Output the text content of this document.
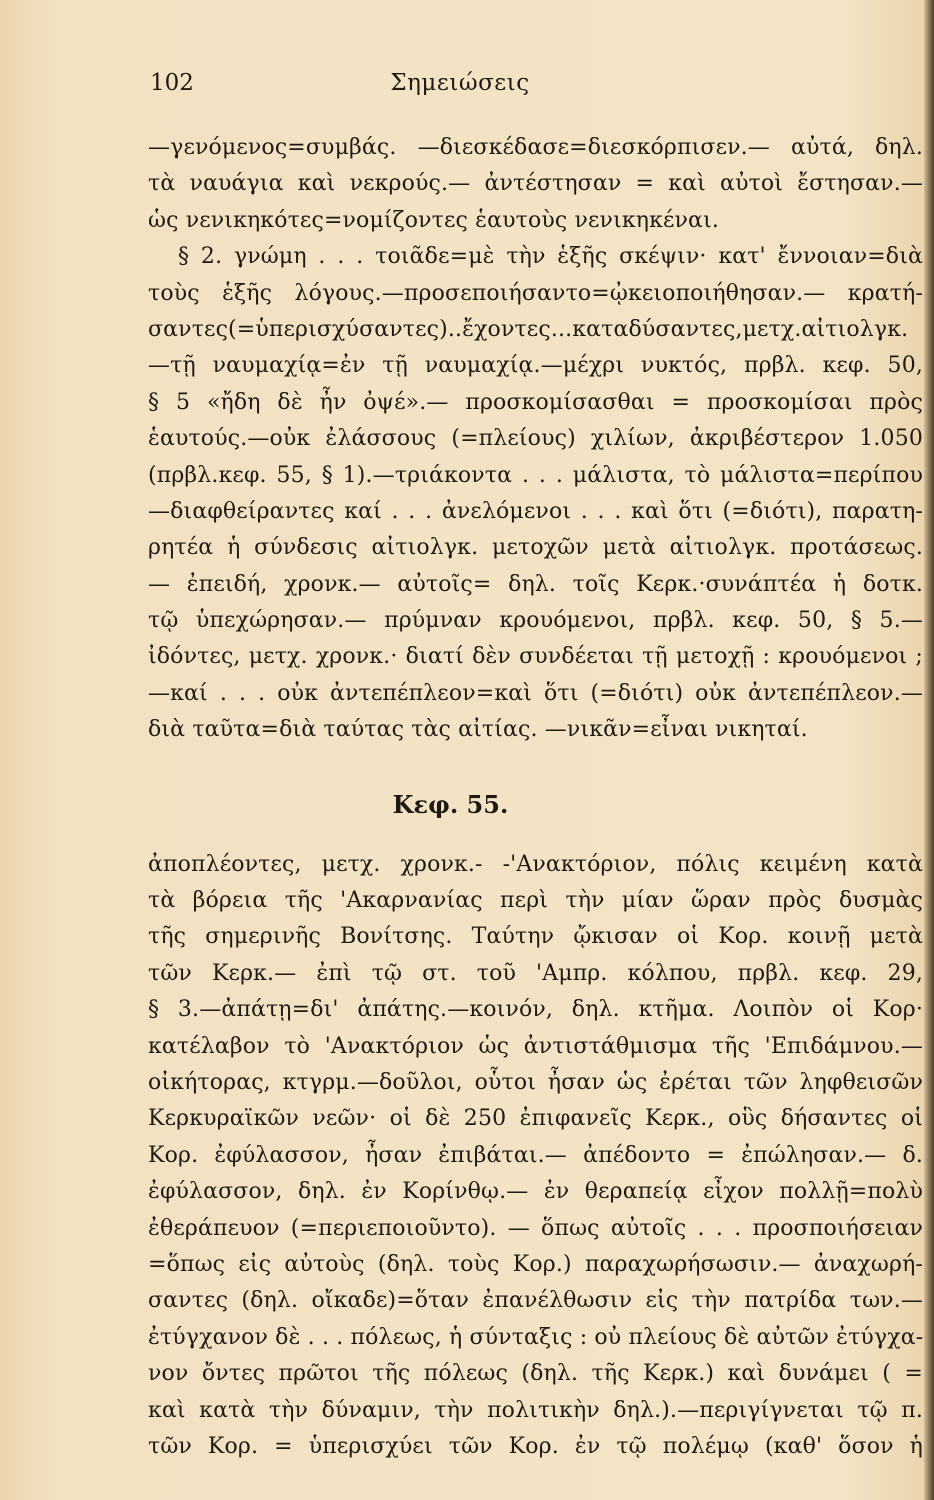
102	Σημειώσεις
—γενόμενος=συμβάς. —διεσκέδασε=διεσκόρπισεν.— αὐτά, δηλ.
τὰ ναυάγια καὶ νεκρούς.— ἀντέστησαν = καὶ αὐτοὶ ἔστησαν.—
ὡς νενικηκότες=νομίζοντες ἑαυτοὺς νενικηκέναι.
§ 2. γνώμη . . . τοιᾶδε=μὲ τὴν ἑξῆς σκέψιν· κατ' ἔννοιαν=διὰ
τοὺς ἑξῆς λόγους.—προσεποιήσαντο=ᾠκειοποιήθησαν.— κρατή-
σαντες(=ὑπερισχύσαντες)..ἔχοντες...καταδύσαντες,μετχ.αἰτιολγκ.
—τῇ ναυμαχίᾳ=ἐν τῇ ναυμαχίᾳ.—μέχρι νυκτός, πρβλ. κεφ. 50,
§ 5 «ἤδη δὲ ἦν ὀψέ».— προσκομίσασθαι = προσκομίσαι πρὸς
ἑαυτούς.—οὐκ ἐλάσσους (=πλείους) χιλίων, ἀκριβέστερον 1.050
(πρβλ.κεφ. 55, § 1).—τριάκοντα . . . μάλιστα, τὸ μάλιστα=περίπου
—διαφθείραντες καί . . . ἀνελόμενοι . . . καὶ ὅτι (=διότι), παρατη-
ρητέα ἡ σύνδεσις αἰτιολγκ. μετοχῶν μετὰ αἰτιολγκ. προτάσεως.
— ἐπειδή, χρονκ.— αὐτοῖς= δηλ. τοῖς Κερκ.·συνάπτέα ἡ δοτκ.
τῷ ὑπεχώρησαν.— πρύμναν κρουόμενοι, πρβλ. κεφ. 50, § 5.—
ἰδόντες, μετχ. χρονκ.· διατί δὲν συνδέεται τῇ μετοχῇ : κρουόμενοι ;
—καί . . . οὐκ ἀντεπέπλεον=καὶ ὅτι (=διότι) οὐκ ἀντεπέπλεον.—
διὰ ταῦτα=διὰ ταύτας τὰς αἰτίας. —νικᾶν=εἶναι νικηταί.
Κεφ. 55.
ἀποπλέοντες, μετχ. χρονκ.- -'Ανακτόριον, πόλις κειμένη κατὰ
τὰ βόρεια τῆς 'Ακαρνανίας περὶ τὴν μίαν ὥραν πρὸς δυσμὰς
τῆς σημερινῆς Βονίτσης. Ταύτην ᾤκισαν οἱ Κορ. κοινῇ μετὰ
τῶν Κερκ.— ἐπὶ τῷ στ. τοῦ 'Αμπρ. κόλπου, πρβλ. κεφ. 29,
§ 3.—ἀπάτῃ=δι' ἀπάτης.—κοινόν, δηλ. κτῆμα. Λοιπὸν οἱ Κορ·
κατέλαβον τὸ 'Ανακτόριον ὡς ἀντιστάθμισμα τῆς 'Επιδάμνου.—
οἰκήτορας, κτγρμ.—δοῦλοι, οὗτοι ἦσαν ὡς ἐρέται τῶν ληφθεισῶν
Κερκυραϊκῶν νεῶν· οἱ δὲ 250 ἐπιφανεῖς Κερκ., οὓς δήσαντες οἱ
Κορ. ἐφύλασσον, ἦσαν ἐπιβάται.— ἀπέδοντο = ἐπώλησαν.— δ.
ἐφύλασσον, δηλ. ἐν Κορίνθῳ.— ἐν θεραπείᾳ εἶχον πολλῇ=πολὺ
ἐθεράπευον (=περιεποιοῦντο). — ὅπως αὐτοῖς . . . προσποιήσειαν
=ὅπως εἰς αὐτοὺς (δηλ. τοὺς Κορ.) παραχωρήσωσιν.— ἀναχωρή-
σαντες (δηλ. οἴκαδε)=ὅταν ἐπανέλθωσιν εἰς τὴν πατρίδα των.—
ἐτύγχανον δὲ . . . πόλεως, ἡ σύνταξις : οὐ πλείους δὲ αὐτῶν ἐτύγχα-
νον ὄντες πρῶτοι τῆς πόλεως (δηλ. τῆς Κερκ.) καὶ δυνάμει ( =
καὶ κατὰ τὴν δύναμιν, τὴν πολιτικὴν δηλ.).—περιγίγνεται τῷ π.
τῶν Κορ. = ὑπερισχύει τῶν Κορ. ἐν τῷ πολέμῳ (καθ' ὅσον ἡ
